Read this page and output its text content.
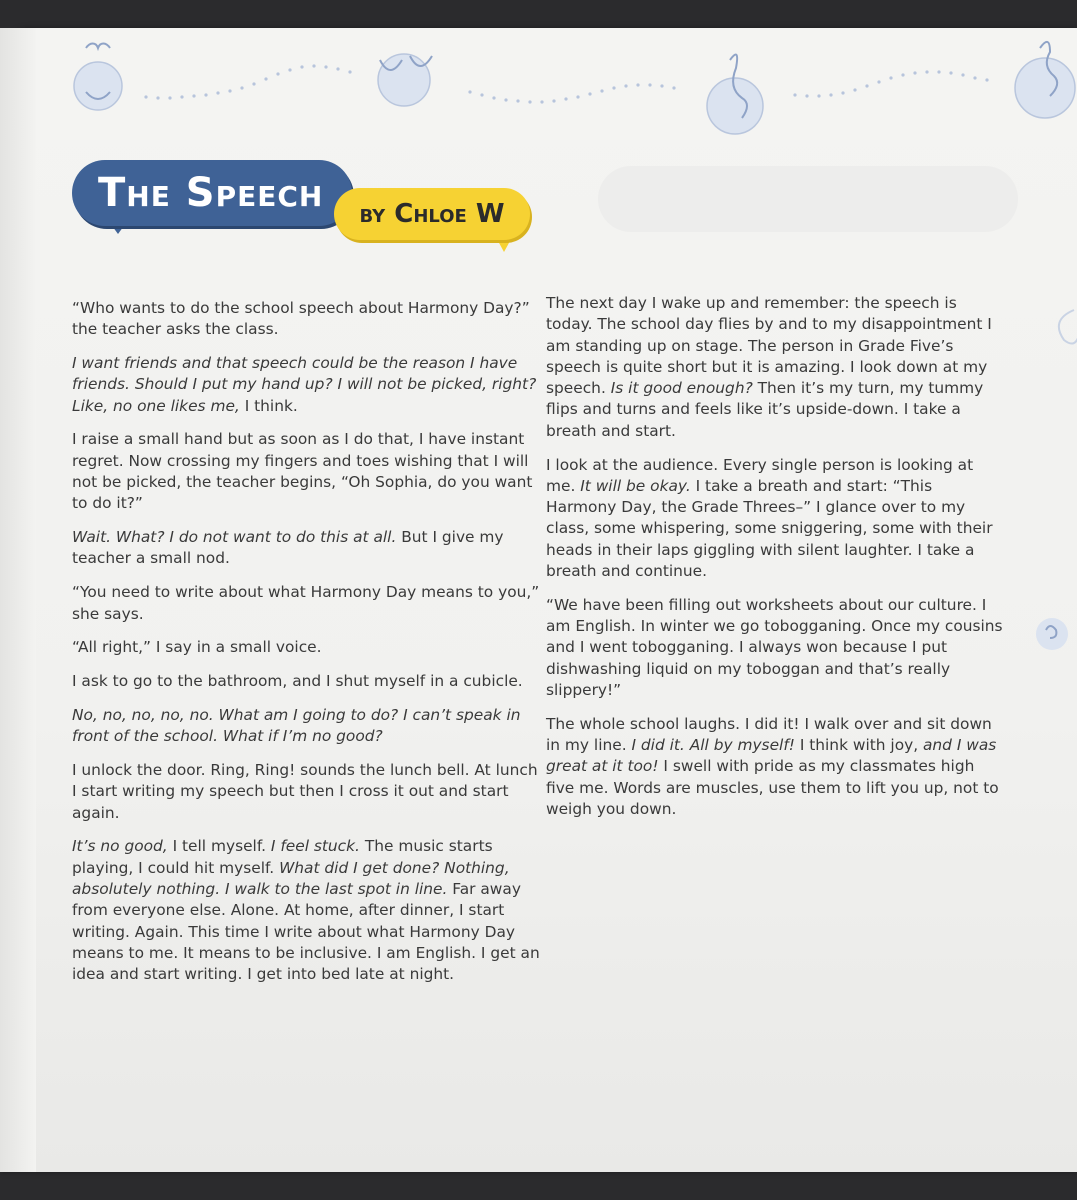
The Speech	by Chloe W

“Who wants to do the school speech about Harmony Day?” the teacher asks the class.

I want friends and that speech could be the reason I have friends. Should I put my hand up? I will not be picked, right? Like, no one likes me, I think.

I raise a small hand but as soon as I do that, I have instant regret. Now crossing my fingers and toes wishing that I will not be picked, the teacher begins, “Oh Sophia, do you want to do it?”

Wait. What? I do not want to do this at all. But I give my teacher a small nod.

“You need to write about what Harmony Day means to you,” she says.

“All right,” I say in a small voice.

I ask to go to the bathroom, and I shut myself in a cubicle.

No, no, no, no, no. What am I going to do? I can’t speak in front of the school. What if I’m no good?

I unlock the door. Ring, Ring! sounds the lunch bell. At lunch I start writing my speech but then I cross it out and start again.

It’s no good, I tell myself. I feel stuck. The music starts playing, I could hit myself. What did I get done? Nothing, absolutely nothing. I walk to the last spot in line. Far away from everyone else. Alone. At home, after dinner, I start writing. Again. This time I write about what Harmony Day means to me. It means to be inclusive. I am English. I get an idea and start writing. I get into bed late at night.

The next day I wake up and remember: the speech is today. The school day flies by and to my disappointment I am standing up on stage. The person in Grade Five’s speech is quite short but it is amazing. I look down at my speech. Is it good enough? Then it’s my turn, my tummy flips and turns and feels like it’s upside-down. I take a breath and start.

I look at the audience. Every single person is looking at me. It will be okay. I take a breath and start: “This Harmony Day, the Grade Threes–” I glance over to my class, some whispering, some sniggering, some with their heads in their laps giggling with silent laughter. I take a breath and continue.

“We have been filling out worksheets about our culture. I am English. In winter we go tobogganing. Once my cousins and I went tobogganing. I always won because I put dishwashing liquid on my toboggan and that’s really slippery!”

The whole school laughs. I did it! I walk over and sit down in my line. I did it. All by myself! I think with joy, and I was great at it too! I swell with pride as my classmates high five me. Words are muscles, use them to lift you up, not to weigh you down.
